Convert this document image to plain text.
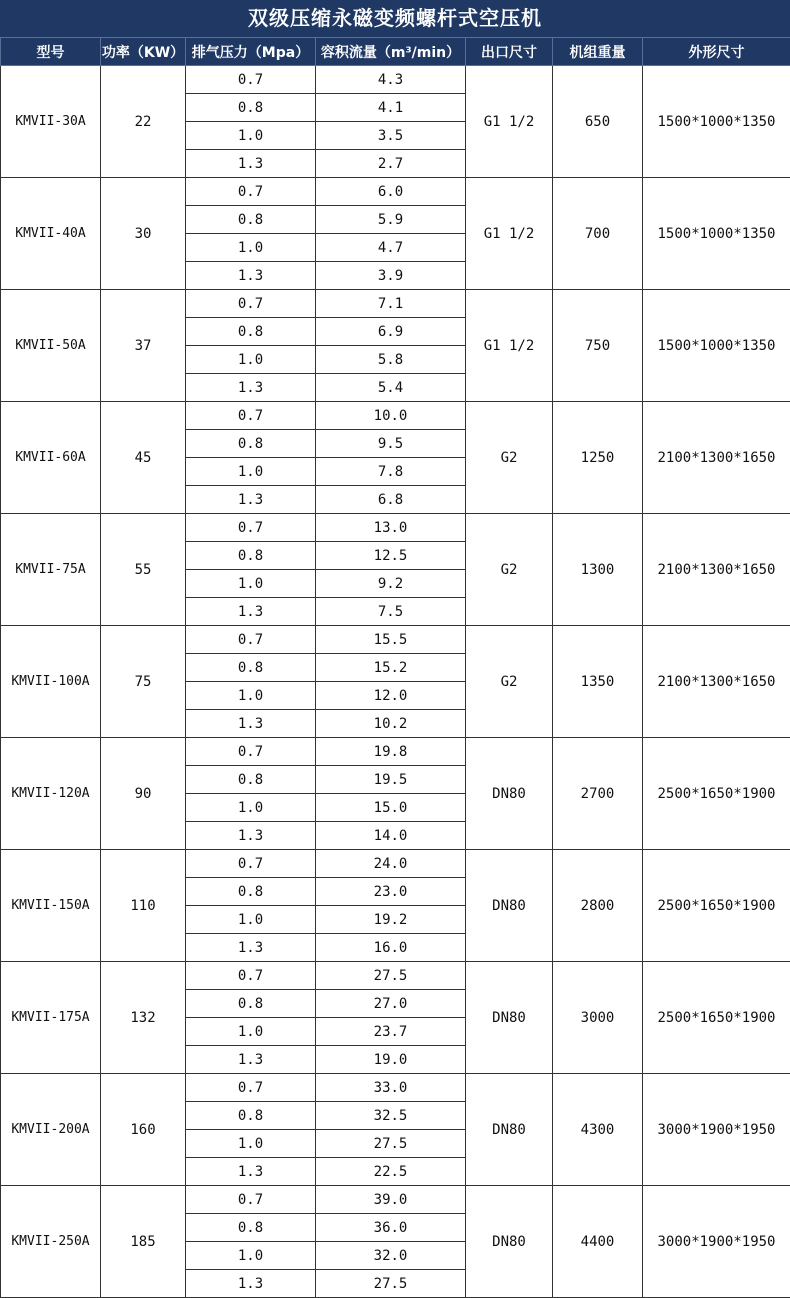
双级压缩永磁变频螺杆式空压机
型号	功率（KW）	排气压力（Mpa）	容积流量（m³/min）	出口尺寸	机组重量	外形尺寸
KMVII-30A	22	0.7	4.3	G1 1/2	650	1500*1000*1350
		0.8	4.1			
		1.0	3.5			
		1.3	2.7			
KMVII-40A	30	0.7	6.0	G1 1/2	700	1500*1000*1350
		0.8	5.9			
		1.0	4.7			
		1.3	3.9			
KMVII-50A	37	0.7	7.1	G1 1/2	750	1500*1000*1350
		0.8	6.9			
		1.0	5.8			
		1.3	5.4			
KMVII-60A	45	0.7	10.0	G2	1250	2100*1300*1650
		0.8	9.5			
		1.0	7.8			
		1.3	6.8			
KMVII-75A	55	0.7	13.0	G2	1300	2100*1300*1650
		0.8	12.5			
		1.0	9.2			
		1.3	7.5			
KMVII-100A	75	0.7	15.5	G2	1350	2100*1300*1650
		0.8	15.2			
		1.0	12.0			
		1.3	10.2			
KMVII-120A	90	0.7	19.8	DN80	2700	2500*1650*1900
		0.8	19.5			
		1.0	15.0			
		1.3	14.0			
KMVII-150A	110	0.7	24.0	DN80	2800	2500*1650*1900
		0.8	23.0			
		1.0	19.2			
		1.3	16.0			
KMVII-175A	132	0.7	27.5	DN80	3000	2500*1650*1900
		0.8	27.0			
		1.0	23.7			
		1.3	19.0			
KMVII-200A	160	0.7	33.0	DN80	4300	3000*1900*1950
		0.8	32.5			
		1.0	27.5			
		1.3	22.5			
KMVII-250A	185	0.7	39.0	DN80	4400	3000*1900*1950
		0.8	36.0			
		1.0	32.0			
		1.3	27.5			
